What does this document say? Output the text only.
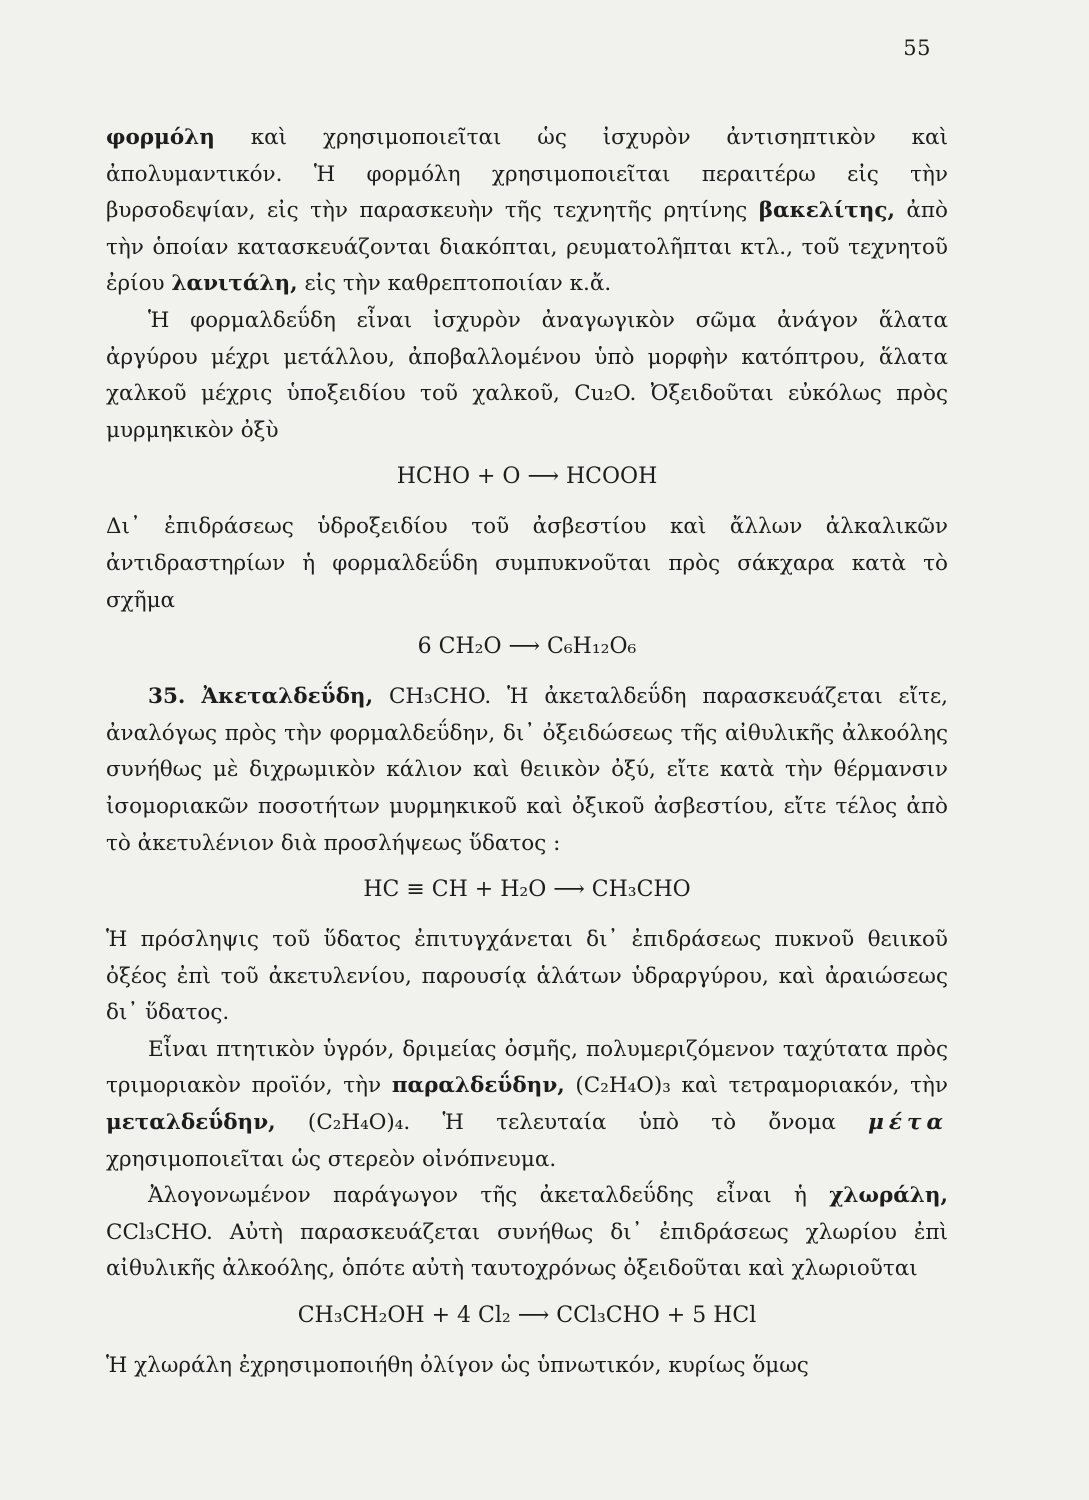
55

φορμόλη καὶ χρησιμοποιεῖται ὡς ἰσχυρὸν ἀντισηπτικὸν καὶ ἀπολυμαντικόν. Ἡ φορμόλη χρησιμοποιεῖται περαιτέρω εἰς τὴν βυρσοδεψίαν, εἰς τὴν παρασκευὴν τῆς τεχνητῆς ρητίνης βακελίτης, ἀπὸ τὴν ὁποίαν κατασκευάζονται διακόπται, ρευματολῆπται κτλ., τοῦ τεχνητοῦ ἐρίου λανιτάλη, εἰς τὴν καθρεπτοποιίαν κ.ἄ.

Ἡ φορμαλδεΰδη εἶναι ἰσχυρὸν ἀναγωγικὸν σῶμα ἀνάγον ἅλατα ἀργύρου μέχρι μετάλλου, ἀποβαλλομένου ὑπὸ μορφὴν κατόπτρου, ἅλατα χαλκοῦ μέχρις ὑποξειδίου τοῦ χαλκοῦ, Cu₂O. Ὀξειδοῦται εὐκόλως πρὸς μυρμηκικὸν ὀξὺ

HCHO + O ⟶ HCOOH

Δι᾽ ἐπιδράσεως ὑδροξειδίου τοῦ ἀσβεστίου καὶ ἄλλων ἀλκαλικῶν ἀντιδραστηρίων ἡ φορμαλδεΰδη συμπυκνοῦται πρὸς σάκχαρα κατὰ τὸ σχῆμα

6 CH₂O ⟶ C₆H₁₂O₆

35. Ἀκεταλδεΰδη, CH₃CHO. Ἡ ἀκεταλδεΰδη παρασκευάζεται εἴτε, ἀναλόγως πρὸς τὴν φορμαλδεΰδην, δι᾽ ὀξειδώσεως τῆς αἰθυλικῆς ἀλκοόλης συνήθως μὲ διχρωμικὸν κάλιον καὶ θειικὸν ὀξύ, εἴτε κατὰ τὴν θέρμανσιν ἰσομοριακῶν ποσοτήτων μυρμηκικοῦ καὶ ὀξικοῦ ἀσβεστίου, εἴτε τέλος ἀπὸ τὸ ἀκετυλένιον διὰ προσλήψεως ὕδατος :

HC ≡ CH + H₂O ⟶ CH₃CHO

Ἡ πρόσληψις τοῦ ὕδατος ἐπιτυγχάνεται δι᾽ ἐπιδράσεως πυκνοῦ θειικοῦ ὀξέος ἐπὶ τοῦ ἀκετυλενίου, παρουσίᾳ ἁλάτων ὑδραργύρου, καὶ ἀραιώσεως δι᾽ ὕδατος.

Εἶναι πτητικὸν ὑγρόν, δριμείας ὀσμῆς, πολυμεριζόμενον ταχύτατα πρὸς τριμοριακὸν προϊόν, τὴν παραλδεΰδην, (C₂H₄O)₃ καὶ τετραμοριακόν, τὴν μεταλδεΰδην, (C₂H₄O)₄. Ἡ τελευταία ὑπὸ τὸ ὄνομα μέτα χρησιμοποιεῖται ὡς στερεὸν οἰνόπνευμα.

Ἀλογονωμένον παράγωγον τῆς ἀκεταλδεΰδης εἶναι ἡ χλωράλη, CCl₃CHO. Αὐτὴ παρασκευάζεται συνήθως δι᾽ ἐπιδράσεως χλωρίου ἐπὶ αἰθυλικῆς ἀλκοόλης, ὁπότε αὐτὴ ταυτοχρόνως ὀξειδοῦται καὶ χλωριοῦται

CH₃CH₂OH + 4 Cl₂ ⟶ CCl₃CHO + 5 HCl

Ἡ χλωράλη ἐχρησιμοποιήθη ὀλίγον ὡς ὑπνωτικόν, κυρίως ὅμως
